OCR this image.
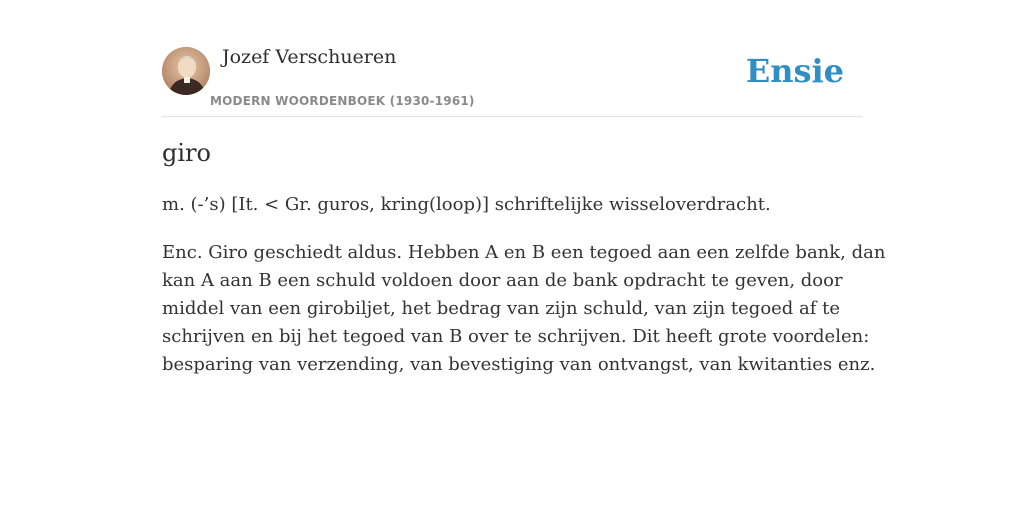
Jozef Verschueren
MODERN WOORDENBOEK (1930-1961)
Ensie
giro
m. (-’s) [It. < Gr. guros, kring(loop)] schriftelijke wisseloverdracht.
Enc. Giro geschiedt aldus. Hebben A en B een tegoed aan een zelfde bank, dan
kan A aan B een schuld voldoen door aan de bank opdracht te geven, door
middel van een girobiljet, het bedrag van zijn schuld, van zijn tegoed af te
schrijven en bij het tegoed van B over te schrijven. Dit heeft grote voordelen:
besparing van verzending, van bevestiging van ontvangst, van kwitanties enz.
